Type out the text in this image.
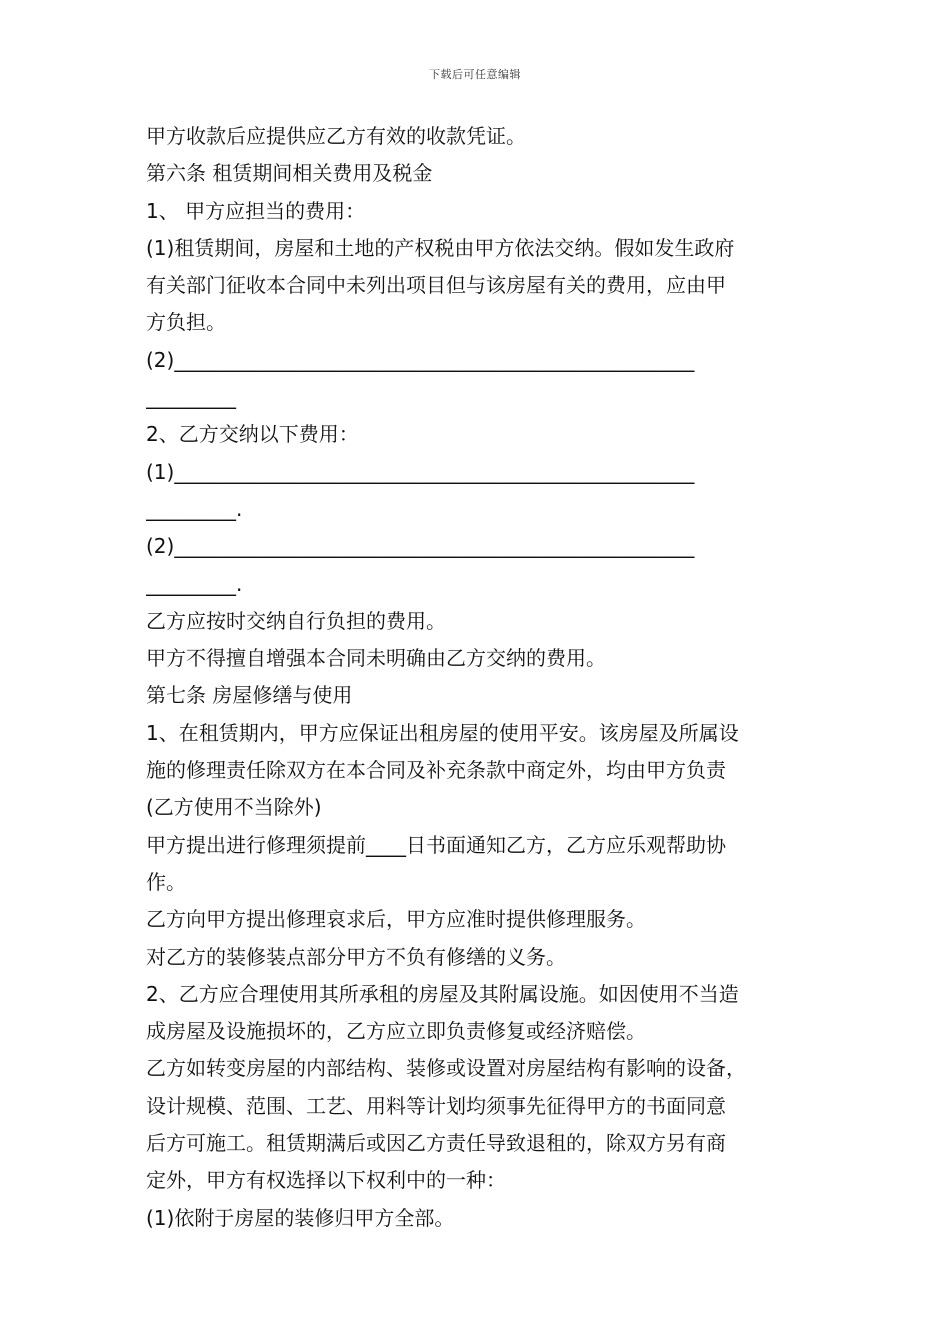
下载后可任意编辑
甲方收款后应提供应乙方有效的收款凭证。
第六条 租赁期间相关费用及税金
1、 甲方应担当的费用：
(1)租赁期间，房屋和土地的产权税由甲方依法交纳。假如发生政府
有关部门征收本合同中未列出项目但与该房屋有关的费用，应由甲
方负担。
(2)____________________________________________________
_________
2、乙方交纳以下费用：
(1)____________________________________________________
_________.
(2)____________________________________________________
_________.
乙方应按时交纳自行负担的费用。
甲方不得擅自增强本合同未明确由乙方交纳的费用。
第七条 房屋修缮与使用
1、在租赁期内，甲方应保证出租房屋的使用平安。该房屋及所属设
施的修理责任除双方在本合同及补充条款中商定外，均由甲方负责
(乙方使用不当除外)
甲方提出进行修理须提前____日书面通知乙方，乙方应乐观帮助协
作。
乙方向甲方提出修理哀求后，甲方应准时提供修理服务。
对乙方的装修装点部分甲方不负有修缮的义务。
2、乙方应合理使用其所承租的房屋及其附属设施。如因使用不当造
成房屋及设施损坏的，乙方应立即负责修复或经济赔偿。
乙方如转变房屋的内部结构、装修或设置对房屋结构有影响的设备，
设计规模、范围、工艺、用料等计划均须事先征得甲方的书面同意
后方可施工。租赁期满后或因乙方责任导致退租的，除双方另有商
定外，甲方有权选择以下权利中的一种：
(1)依附于房屋的装修归甲方全部。
